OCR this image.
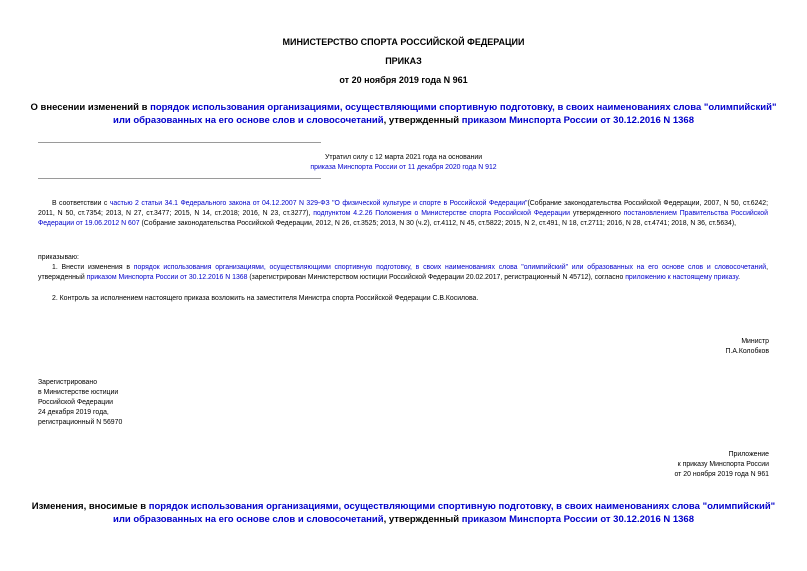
МИНИСТЕРСТВО СПОРТА РОССИЙСКОЙ ФЕДЕРАЦИИ
ПРИКАЗ
от 20 ноября 2019 года N 961
О внесении изменений в порядок использования организациями, осуществляющими спортивную подготовку, в своих наименованиях слова "олимпийский" или образованных на его основе слов и словосочетаний, утвержденный приказом Минспорта России от 30.12.2016 N 1368
Утратил силу с 12 марта 2021 года на основании
приказа Минспорта России от 11 декабря 2020 года N 912
В соответствии с частью 2 статьи 34.1 Федерального закона от 04.12.2007 N 329-ФЗ "О физической культуре и спорте в Российской Федерации"(Собрание законодательства Российской Федерации, 2007, N 50, ст.6242; 2011, N 50, ст.7354; 2013, N 27, ст.3477; 2015, N 14, ст.2018; 2016, N 23, ст.3277), подпунктом 4.2.26 Положения о Министерстве спорта Российской Федерации утвержденного постановлением Правительства Российской Федерации от 19.06.2012 N 607 (Собрание законодательства Российской Федерации, 2012, N 26, ст.3525; 2013, N 30 (ч.2), ст.4112, N 45, ст.5822; 2015, N 2, ст.491, N 18, ст.2711; 2016, N 28, ст.4741; 2018, N 36, ст.5634),
приказываю:
1. Внести изменения в порядок использования организациями, осуществляющими спортивную подготовку, в своих наименованиях слова "олимпийский" или образованных на его основе слов и словосочетаний, утвержденный приказом Минспорта России от 30.12.2016 N 1368 (зарегистрирован Министерством юстиции Российской Федерации 20.02.2017, регистрационный N 45712), согласно приложению к настоящему приказу.
2. Контроль за исполнением настоящего приказа возложить на заместителя Министра спорта Российской Федерации С.В.Косилова.
Министр
П.А.Колобков
Зарегистрировано
в Министерстве юстиции
Российской Федерации
24 декабря 2019 года,
регистрационный N 56970
Приложение
к приказу Минспорта России
от 20 ноября 2019 года N 961
Изменения, вносимые в порядок использования организациями, осуществляющими спортивную подготовку, в своих наименованиях слова "олимпийский" или образованных на его основе слов и словосочетаний, утвержденный приказом Минспорта России от 30.12.2016 N 1368
